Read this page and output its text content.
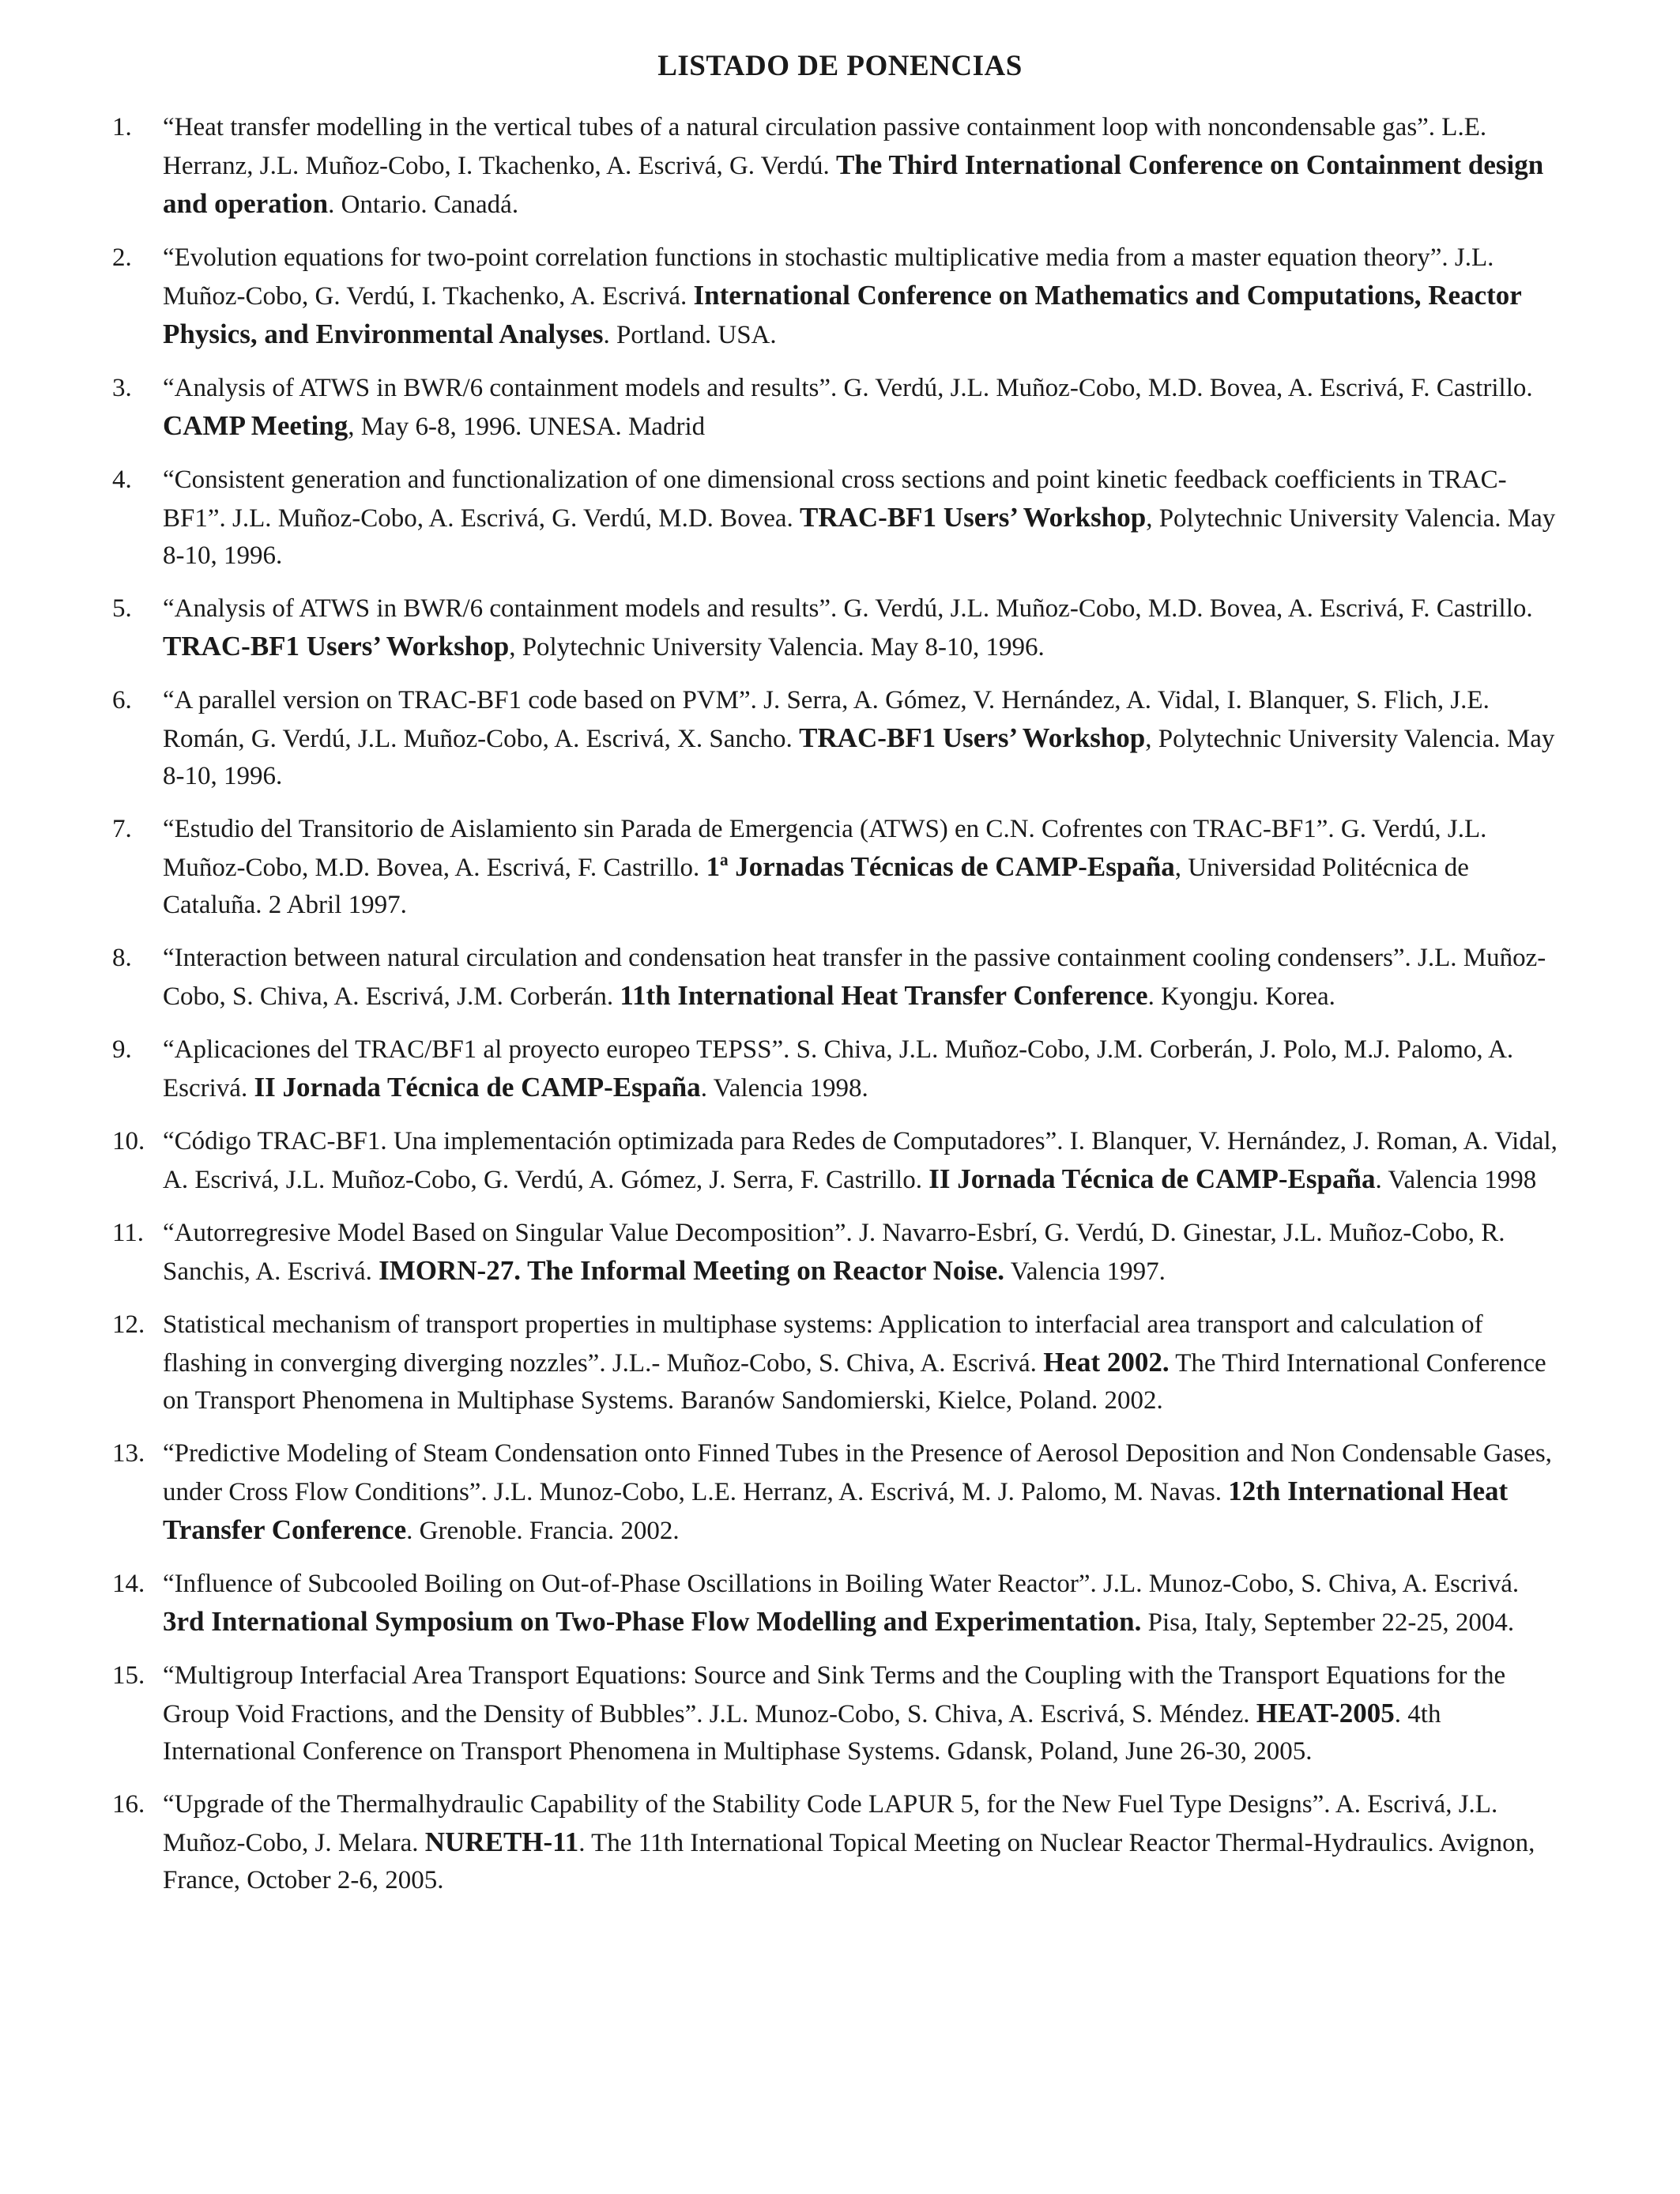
LISTADO DE PONENCIAS
1. “Heat transfer modelling in the vertical tubes of a natural circulation passive containment loop with noncondensable gas”. L.E. Herranz, J.L. Muñoz-Cobo, I. Tkachenko, A. Escrivá, G. Verdú. The Third International Conference on Containment design and operation. Ontario. Canadá.
2. “Evolution equations for two-point correlation functions in stochastic multiplicative media from a master equation theory”. J.L. Muñoz-Cobo, G. Verdú, I. Tkachenko, A. Escrivá. International Conference on Mathematics and Computations, Reactor Physics, and Environmental Analyses. Portland. USA.
3. “Analysis of ATWS in BWR/6 containment models and results”. G. Verdú, J.L. Muñoz-Cobo, M.D. Bovea, A. Escrivá, F. Castrillo. CAMP Meeting, May 6-8, 1996. UNESA. Madrid
4. “Consistent generation and functionalization of one dimensional cross sections and point kinetic feedback coefficients in TRAC-BF1”. J.L. Muñoz-Cobo, A. Escrivá, G. Verdú, M.D. Bovea. TRAC-BF1 Users’ Workshop, Polytechnic University Valencia. May 8-10, 1996.
5. “Analysis of ATWS in BWR/6 containment models and results”. G. Verdú, J.L. Muñoz-Cobo, M.D. Bovea, A. Escrivá, F. Castrillo. TRAC-BF1 Users’ Workshop, Polytechnic University Valencia. May 8-10, 1996.
6. “A parallel version on TRAC-BF1 code based on PVM”. J. Serra, A. Gómez, V. Hernández, A. Vidal, I. Blanquer, S. Flich, J.E. Román, G. Verdú, J.L. Muñoz-Cobo, A. Escrivá, X. Sancho. TRAC-BF1 Users’ Workshop, Polytechnic University Valencia. May 8-10, 1996.
7. “Estudio del Transitorio de Aislamiento sin Parada de Emergencia (ATWS) en C.N. Cofrentes con TRAC-BF1”. G. Verdú, J.L. Muñoz-Cobo, M.D. Bovea, A. Escrivá, F. Castrillo. 1ª Jornadas Técnicas de CAMP-España, Universidad Politécnica de Cataluña. 2 Abril 1997.
8. “Interaction between natural circulation and condensation heat transfer in the passive containment cooling condensers”. J.L. Muñoz-Cobo, S. Chiva, A. Escrivá, J.M. Corberán. 11th International Heat Transfer Conference. Kyongju. Korea.
9. “Aplicaciones del TRAC/BF1 al proyecto europeo TEPSS”. S. Chiva, J.L. Muñoz-Cobo, J.M. Corberán, J. Polo, M.J. Palomo, A. Escrivá. II Jornada Técnica de CAMP-España. Valencia 1998.
10. “Código TRAC-BF1. Una implementación optimizada para Redes de Computadores”. I. Blanquer, V. Hernández, J. Roman, A. Vidal, A. Escrivá, J.L. Muñoz-Cobo, G. Verdú, A. Gómez, J. Serra, F. Castrillo. II Jornada Técnica de CAMP-España. Valencia 1998
11. “Autorregresive Model Based on Singular Value Decomposition”. J. Navarro-Esbrí, G. Verdú, D. Ginestar, J.L. Muñoz-Cobo, R. Sanchis, A. Escrivá. IMORN-27. The Informal Meeting on Reactor Noise. Valencia 1997.
12. Statistical mechanism of transport properties in multiphase systems: Application to interfacial area transport and calculation of flashing in converging diverging nozzles”. J.L.- Muñoz-Cobo, S. Chiva, A. Escrivá. Heat 2002. The Third International Conference on Transport Phenomena in Multiphase Systems. Baranów Sandomierski, Kielce, Poland. 2002.
13. “Predictive Modeling of Steam Condensation onto Finned Tubes in the Presence of Aerosol Deposition and Non Condensable Gases, under Cross Flow Conditions”. J.L. Munoz-Cobo, L.E. Herranz, A. Escrivá, M. J. Palomo, M. Navas. 12th International Heat Transfer Conference. Grenoble. Francia. 2002.
14. “Influence of Subcooled Boiling on Out-of-Phase Oscillations in Boiling Water Reactor”. J.L. Munoz-Cobo, S. Chiva, A. Escrivá. 3rd International Symposium on Two-Phase Flow Modelling and Experimentation. Pisa, Italy, September 22-25, 2004.
15. “Multigroup Interfacial Area Transport Equations: Source and Sink Terms and the Coupling with the Transport Equations for the Group Void Fractions, and the Density of Bubbles”. J.L. Munoz-Cobo, S. Chiva, A. Escrivá, S. Méndez. HEAT-2005. 4th International Conference on Transport Phenomena in Multiphase Systems. Gdansk, Poland, June 26-30, 2005.
16. “Upgrade of the Thermalhydraulic Capability of the Stability Code LAPUR 5, for the New Fuel Type Designs”. A. Escrivá, J.L. Muñoz-Cobo, J. Melara. NURETH-11. The 11th International Topical Meeting on Nuclear Reactor Thermal-Hydraulics. Avignon, France, October 2-6, 2005.
